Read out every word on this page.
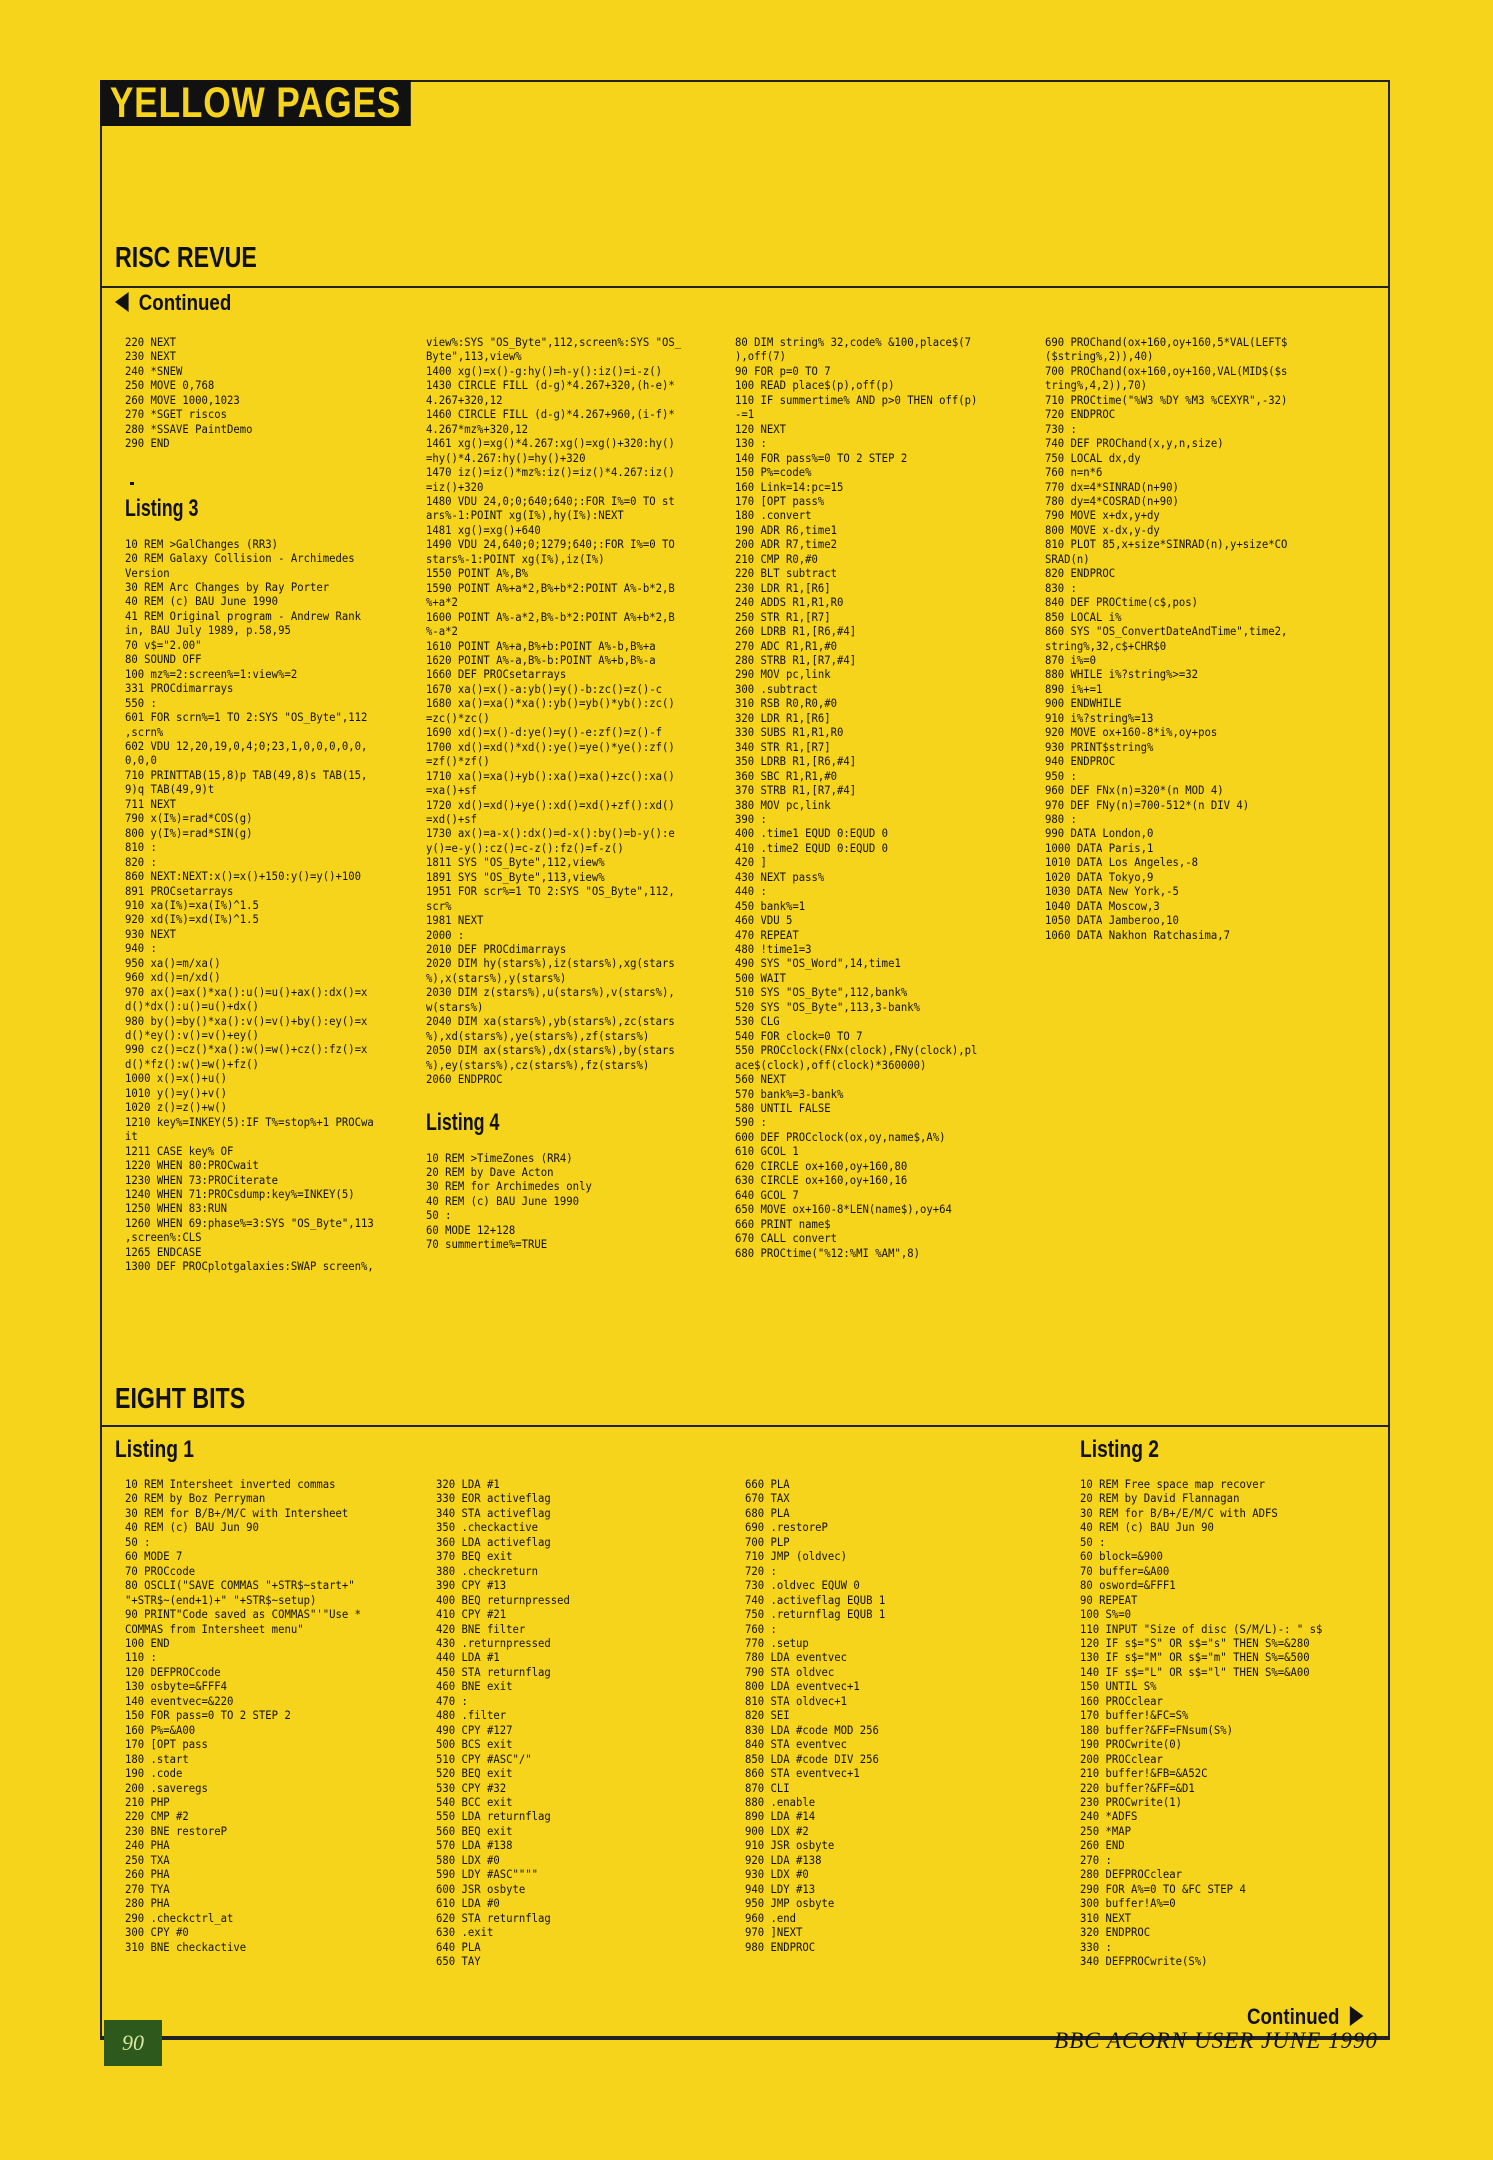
YELLOW PAGES
RISC REVUE
Continued
220 NEXT
230 NEXT
240 *SNEW
250 MOVE 0,768
260 MOVE 1000,1023
270 *SGET riscos
280 *SSAVE PaintDemo
290 END
Listing 3
10 REM >GalChanges (RR3)
20 REM Galaxy Collision - Archimedes
Version
30 REM Arc Changes by Ray Porter
40 REM (c) BAU June 1990
41 REM Original program - Andrew Rank
in, BAU July 1989, p.58,95
70 v$="2.00"
80 SOUND OFF
100 mz%=2:screen%=1:view%=2
331 PROCdimarrays
550 :
601 FOR scrn%=1 TO 2:SYS "OS_Byte",112
,scrn%
602 VDU 12,20,19,0,4;0;23,1,0,0,0,0,0,
0,0,0
710 PRINTTAB(15,8)p TAB(49,8)s TAB(15,
9)q TAB(49,9)t
711 NEXT
790 x(I%)=rad*COS(g)
800 y(I%)=rad*SIN(g)
810 :
820 :
860 NEXT:NEXT:x()=x()+150:y()=y()+100
891 PROCsetarrays
910 xa(I%)=xa(I%)^1.5
920 xd(I%)=xd(I%)^1.5
930 NEXT
940 :
950 xa()=m/xa()
960 xd()=n/xd()
970 ax()=ax()*xa():u()=u()+ax():dx()=x
d()*dx():u()=u()+dx()
980 by()=by()*xa():v()=v()+by():ey()=x
d()*ey():v()=v()+ey()
990 cz()=cz()*xa():w()=w()+cz():fz()=x
d()*fz():w()=w()+fz()
1000 x()=x()+u()
1010 y()=y()+v()
1020 z()=z()+w()
1210 key%=INKEY(5):IF T%=stop%+1 PROCwa
it
1211 CASE key% OF
1220 WHEN 80:PROCwait
1230 WHEN 73:PROCiterate
1240 WHEN 71:PROCsdump:key%=INKEY(5)
1250 WHEN 83:RUN
1260 WHEN 69:phase%=3:SYS "OS_Byte",113
,screen%:CLS
1265 ENDCASE
1300 DEF PROCplotgalaxies:SWAP screen%,
view%:SYS "OS_Byte",112,screen%:SYS "OS_
Byte",113,view%
1400 xg()=x()-g:hy()=h-y():iz()=i-z()
1430 CIRCLE FILL (d-g)*4.267+320,(h-e)*
4.267+320,12
1460 CIRCLE FILL (d-g)*4.267+960,(i-f)*
4.267*mz%+320,12
1461 xg()=xg()*4.267:xg()=xg()+320:hy()
=hy()*4.267:hy()=hy()+320
1470 iz()=iz()*mz%:iz()=iz()*4.267:iz()
=iz()+320
1480 VDU 24,0;0;640;640;:FOR I%=0 TO st
ars%-1:POINT xg(I%),hy(I%):NEXT
1481 xg()=xg()+640
1490 VDU 24,640;0;1279;640;:FOR I%=0 TO
stars%-1:POINT xg(I%),iz(I%)
1550 POINT A%,B%
1590 POINT A%+a*2,B%+b*2:POINT A%-b*2,B
%+a*2
1600 POINT A%-a*2,B%-b*2:POINT A%+b*2,B
%-a*2
1610 POINT A%+a,B%+b:POINT A%-b,B%+a
1620 POINT A%-a,B%-b:POINT A%+b,B%-a
1660 DEF PROCsetarrays
1670 xa()=x()-a:yb()=y()-b:zc()=z()-c
1680 xa()=xa()*xa():yb()=yb()*yb():zc()
=zc()*zc()
1690 xd()=x()-d:ye()=y()-e:zf()=z()-f
1700 xd()=xd()*xd():ye()=ye()*ye():zf()
=zf()*zf()
1710 xa()=xa()+yb():xa()=xa()+zc():xa()
=xa()+sf
1720 xd()=xd()+ye():xd()=xd()+zf():xd()
=xd()+sf
1730 ax()=a-x():dx()=d-x():by()=b-y():e
y()=e-y():cz()=c-z():fz()=f-z()
1811 SYS "OS_Byte",112,view%
1891 SYS "OS_Byte",113,view%
1951 FOR scr%=1 TO 2:SYS "OS_Byte",112,
scr%
1981 NEXT
2000 :
2010 DEF PROCdimarrays
2020 DIM hy(stars%),iz(stars%),xg(stars
%),x(stars%),y(stars%)
2030 DIM z(stars%),u(stars%),v(stars%),
w(stars%)
2040 DIM xa(stars%),yb(stars%),zc(stars
%),xd(stars%),ye(stars%),zf(stars%)
2050 DIM ax(stars%),dx(stars%),by(stars
%),ey(stars%),cz(stars%),fz(stars%)
2060 ENDPROC
Listing 4
10 REM >TimeZones (RR4)
20 REM by Dave Acton
30 REM for Archimedes only
40 REM (c) BAU June 1990
50 :
60 MODE 12+128
70 summertime%=TRUE
80 DIM string% 32,code% &100,place$(7
),off(7)
90 FOR p=0 TO 7
100 READ place$(p),off(p)
110 IF summertime% AND p>0 THEN off(p)
-=1
120 NEXT
130 :
140 FOR pass%=0 TO 2 STEP 2
150 P%=code%
160 Link=14:pc=15
170 [OPT pass%
180 .convert
190 ADR R6,time1
200 ADR R7,time2
210 CMP R0,#0
220 BLT subtract
230 LDR R1,[R6]
240 ADDS R1,R1,R0
250 STR R1,[R7]
260 LDRB R1,[R6,#4]
270 ADC R1,R1,#0
280 STRB R1,[R7,#4]
290 MOV pc,link
300 .subtract
310 RSB R0,R0,#0
320 LDR R1,[R6]
330 SUBS R1,R1,R0
340 STR R1,[R7]
350 LDRB R1,[R6,#4]
360 SBC R1,R1,#0
370 STRB R1,[R7,#4]
380 MOV pc,link
390 :
400 .time1 EQUD 0:EQUD 0
410 .time2 EQUD 0:EQUD 0
420 ]
430 NEXT pass%
440 :
450 bank%=1
460 VDU 5
470 REPEAT
480 !time1=3
490 SYS "OS_Word",14,time1
500 WAIT
510 SYS "OS_Byte",112,bank%
520 SYS "OS_Byte",113,3-bank%
530 CLG
540 FOR clock=0 TO 7
550 PROCclock(FNx(clock),FNy(clock),pl
ace$(clock),off(clock)*360000)
560 NEXT
570 bank%=3-bank%
580 UNTIL FALSE
590 :
600 DEF PROCclock(ox,oy,name$,A%)
610 GCOL 1
620 CIRCLE ox+160,oy+160,80
630 CIRCLE ox+160,oy+160,16
640 GCOL 7
650 MOVE ox+160-8*LEN(name$),oy+64
660 PRINT name$
670 CALL convert
680 PROCtime("%12:%MI %AM",8)
690 PROChand(ox+160,oy+160,5*VAL(LEFT$
($string%,2)),40)
700 PROChand(ox+160,oy+160,VAL(MID$($s
tring%,4,2)),70)
710 PROCtime("%W3 %DY %M3 %CEXYR",-32)
720 ENDPROC
730 :
740 DEF PROChand(x,y,n,size)
750 LOCAL dx,dy
760 n=n*6
770 dx=4*SINRAD(n+90)
780 dy=4*COSRAD(n+90)
790 MOVE x+dx,y+dy
800 MOVE x-dx,y-dy
810 PLOT 85,x+size*SINRAD(n),y+size*CO
SRAD(n)
820 ENDPROC
830 :
840 DEF PROCtime(c$,pos)
850 LOCAL i%
860 SYS "OS_ConvertDateAndTime",time2,
string%,32,c$+CHR$0
870 i%=0
880 WHILE i%?string%>=32
890 i%+=1
900 ENDWHILE
910 i%?string%=13
920 MOVE ox+160-8*i%,oy+pos
930 PRINT$string%
940 ENDPROC
950 :
960 DEF FNx(n)=320*(n MOD 4)
970 DEF FNy(n)=700-512*(n DIV 4)
980 :
990 DATA London,0
1000 DATA Paris,1
1010 DATA Los Angeles,-8
1020 DATA Tokyo,9
1030 DATA New York,-5
1040 DATA Moscow,3
1050 DATA Jamberoo,10
1060 DATA Nakhon Ratchasima,7
EIGHT BITS
Listing 1	Listing 2
10 REM Intersheet inverted commas
20 REM by Boz Perryman
30 REM for B/B+/M/C with Intersheet
40 REM (c) BAU Jun 90
50 :
60 MODE 7
70 PROCcode
80 OSCLI("SAVE COMMAS "+STR$~start+"
"+STR$~(end+1)+" "+STR$~setup)
90 PRINT"Code saved as COMMAS"'"Use *
COMMAS from Intersheet menu"
100 END
110 :
120 DEFPROCcode
130 osbyte=&FFF4
140 eventvec=&220
150 FOR pass=0 TO 2 STEP 2
160 P%=&A00
170 [OPT pass
180 .start
190 .code
200 .saveregs
210 PHP
220 CMP #2
230 BNE restoreP
240 PHA
250 TXA
260 PHA
270 TYA
280 PHA
290 .checkctrl_at
300 CPY #0
310 BNE checkactive
320 LDA #1
330 EOR activeflag
340 STA activeflag
350 .checkactive
360 LDA activeflag
370 BEQ exit
380 .checkreturn
390 CPY #13
400 BEQ returnpressed
410 CPY #21
420 BNE filter
430 .returnpressed
440 LDA #1
450 STA returnflag
460 BNE exit
470 :
480 .filter
490 CPY #127
500 BCS exit
510 CPY #ASC"/"
520 BEQ exit
530 CPY #32
540 BCC exit
550 LDA returnflag
560 BEQ exit
570 LDA #138
580 LDX #0
590 LDY #ASC""""
600 JSR osbyte
610 LDA #0
620 STA returnflag
630 .exit
640 PLA
650 TAY
660 PLA
670 TAX
680 PLA
690 .restoreP
700 PLP
710 JMP (oldvec)
720 :
730 .oldvec EQUW 0
740 .activeflag EQUB 1
750 .returnflag EQUB 1
760 :
770 .setup
780 LDA eventvec
790 STA oldvec
800 LDA eventvec+1
810 STA oldvec+1
820 SEI
830 LDA #code MOD 256
840 STA eventvec
850 LDA #code DIV 256
860 STA eventvec+1
870 CLI
880 .enable
890 LDA #14
900 LDX #2
910 JSR osbyte
920 LDA #138
930 LDX #0
940 LDY #13
950 JMP osbyte
960 .end
970 ]NEXT
980 ENDPROC
10 REM Free space map recover
20 REM by David Flannagan
30 REM for B/B+/E/M/C with ADFS
40 REM (c) BAU Jun 90
50 :
60 block=&900
70 buffer=&A00
80 osword=&FFF1
90 REPEAT
100 S%=0
110 INPUT "Size of disc (S/M/L)-: " s$
120 IF s$="S" OR s$="s" THEN S%=&280
130 IF s$="M" OR s$="m" THEN S%=&500
140 IF s$="L" OR s$="l" THEN S%=&A00
150 UNTIL S%
160 PROCclear
170 buffer!&FC=S%
180 buffer?&FF=FNsum(S%)
190 PROCwrite(0)
200 PROCclear
210 buffer!&FB=&A52C
220 buffer?&FF=&D1
230 PROCwrite(1)
240 *ADFS
250 *MAP
260 END
270 :
280 DEFPROCclear
290 FOR A%=0 TO &FC STEP 4
300 buffer!A%=0
310 NEXT
320 ENDPROC
330 :
340 DEFPROCwrite(S%)
Continued
90	BBC ACORN USER JUNE 1990
